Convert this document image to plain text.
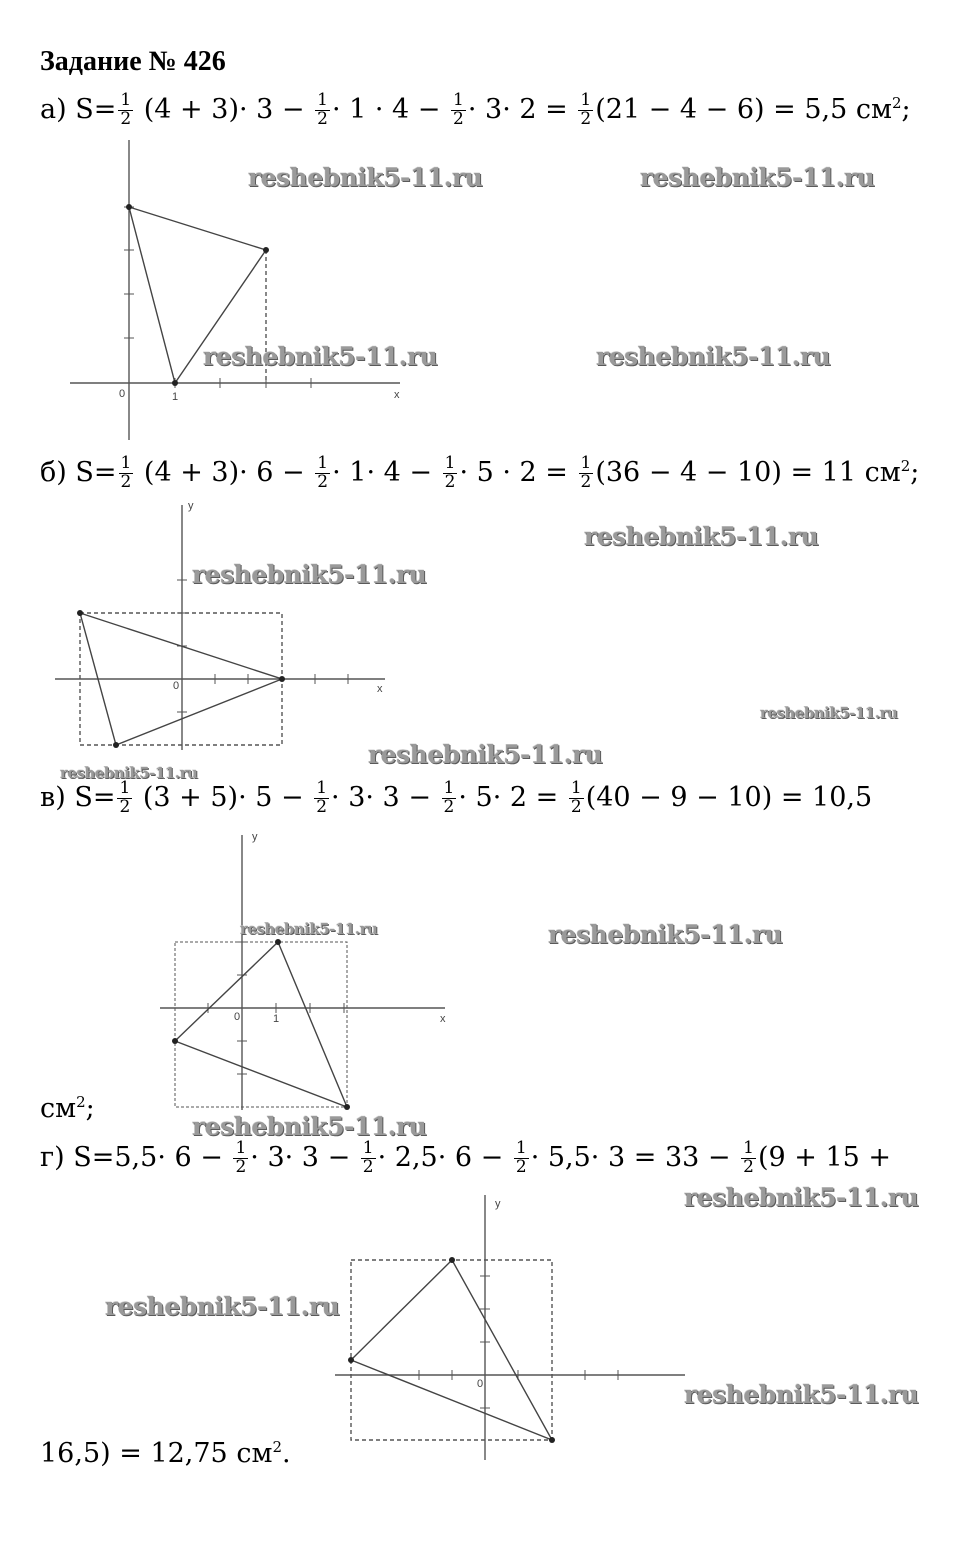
Задание № 426
а) $S= \frac{1}{2} (4 + 3)\cdot 3 - \frac{1}{2} \cdot 1 \cdot 4 - \frac{1}{2} \cdot 3\cdot 2 = \frac{1}{2} (21 - 4 - 6) = 5,5$ $см^2$;
б) $S= \frac{1}{2} (4 + 3)\cdot 6 - \frac{1}{2} \cdot 1\cdot 4 - \frac{1}{2} \cdot 5 \cdot 2 = \frac{1}{2} (36 - 4 - 10) = 11$ $см^2$;
в) $S= \frac{1}{2} (3 + 5)\cdot 5 - \frac{1}{2} \cdot 3\cdot 3 - \frac{1}{2} \cdot 5\cdot 2 = \frac{1}{2} (40 - 9 - 10) = 10,5$
$см^2$;
г) $S=5,5\cdot 6 - \frac{1}{2} \cdot 3\cdot 3 - \frac{1}{2} \cdot 2,5\cdot 6 - \frac{1}{2} \cdot 5,5\cdot 3 = 33 - \frac{1}{2} (9 + 15$ +
16,5) = 12,75 $см^2$.
x
0	1
x
y
0
x
y
0	1
y
0
reshebnik5-11.ru	reshebnik5-11.ru
reshebnik5-11.ru	reshebnik5-11.ru
reshebnik5-11.ru
reshebnik5-11.ru
reshebnik5-11.ru
reshebnik5-11.ru
reshebnik5-11.ru
reshebnik5-11.ru	reshebnik5-11.ru
reshebnik5-11.ru
reshebnik5-11.ru
reshebnik5-11.ru
reshebnik5-11.ru
